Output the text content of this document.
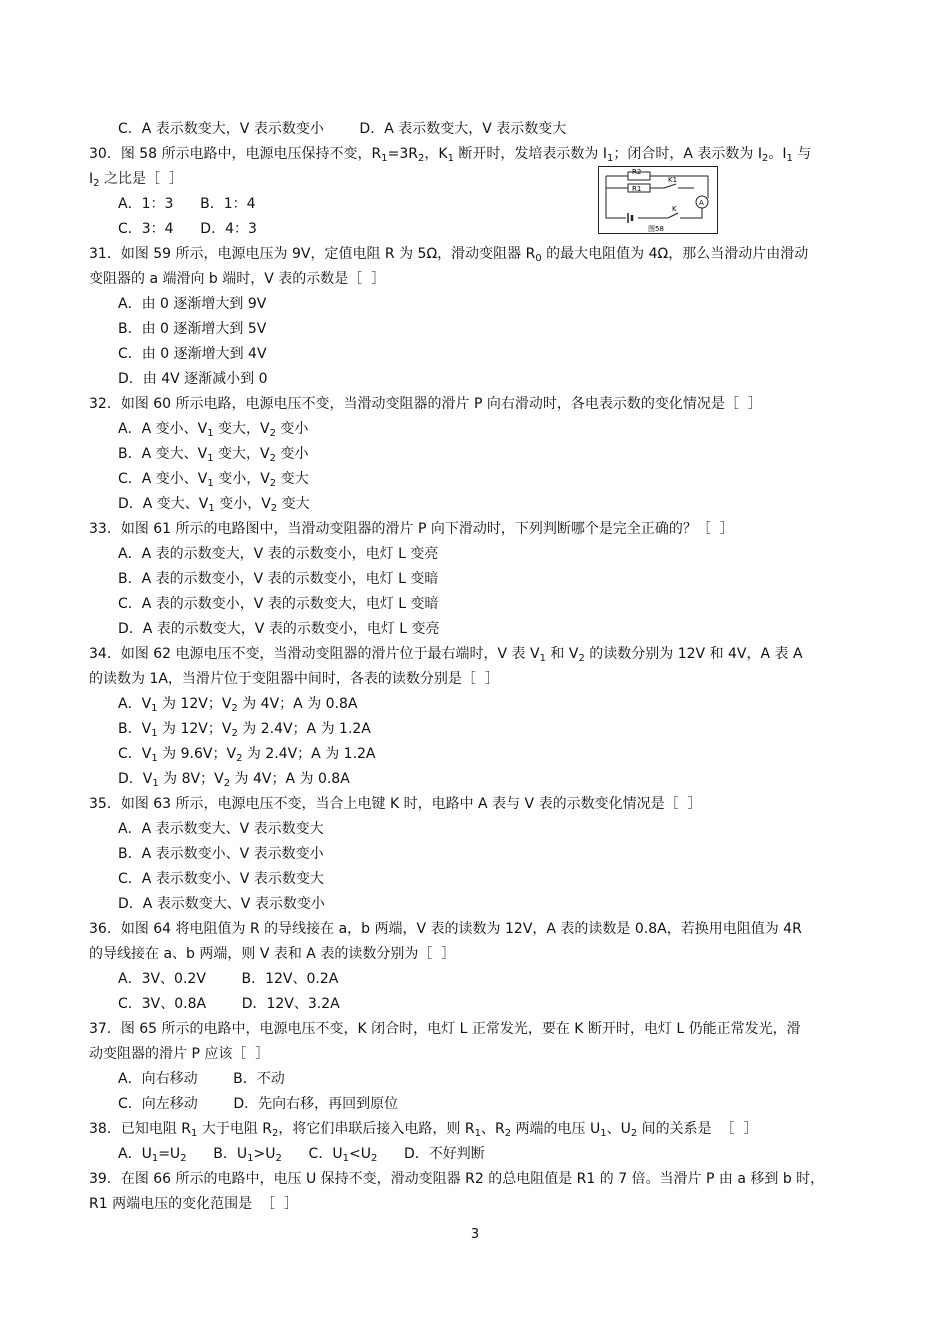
C．A 表示数变大，V 表示数变小        D．A 表示数变大，V 表示数变大
30．图 58 所示电路中，电源电压保持不变，$R_1=3R_2$，$K_1$ 断开时，发培表示数为 $I_1$；闭合时，A 表示数为 $I_2$。$I_1$ 与
$I_2$ 之比是［  ］
A．1：3      B．1：4
C．3：4      D．4：3
31．如图 59 所示，电源电压为 9V，定值电阻 R 为 5Ω，滑动变阻器 $R_0$ 的最大电阻值为 4Ω，那么当滑动片由滑动
变阻器的 a 端滑向 b 端时，V 表的示数是［  ］
A．由 0 逐渐增大到 9V
B．由 0 逐渐增大到 5V
C．由 0 逐渐增大到 4V
D．由 4V 逐渐减小到 0
32．如图 60 所示电路，电源电压不变，当滑动变阻器的滑片 P 向右滑动时，各电表示数的变化情况是［  ］
A．A 变小、$V_1$ 变大，$V_2$ 变小
B．A 变大、$V_1$ 变大，$V_2$ 变小
C．A 变小、$V_1$ 变小，$V_2$ 变大
D．A 变大、$V_1$ 变小，$V_2$ 变大
33．如图 61 所示的电路图中，当滑动变阻器的滑片 P 向下滑动时，下列判断哪个是完全正确的？［  ］
A．A 表的示数变大，V 表的示数变小，电灯 L 变亮
B．A 表的示数变小，V 表的示数变小，电灯 L 变暗
C．A 表的示数变小，V 表的示数变大，电灯 L 变暗
D．A 表的示数变大，V 表的示数变小，电灯 L 变亮
34．如图 62 电源电压不变，当滑动变阻器的滑片位于最右端时，V 表 $V_1$ 和 $V_2$ 的读数分别为 12V 和 4V，A 表 A
的读数为 1A，当滑片位于变阻器中间时，各表的读数分别是［  ］
A．$V_1$ 为 12V；$V_2$ 为 4V；A 为 0.8A
B．$V_1$ 为 12V；$V_2$ 为 2.4V；A 为 1.2A
C．$V_1$ 为 9.6V；$V_2$ 为 2.4V；A 为 1.2A
D．$V_1$ 为 8V；$V_2$ 为 4V；A 为 0.8A
35．如图 63 所示，电源电压不变，当合上电键 K 时，电路中 A 表与 V 表的示数变化情况是［  ］
A．A 表示数变大、V 表示数变大
B．A 表示数变小、V 表示数变小
C．A 表示数变小、V 表示数变大
D．A 表示数变大、V 表示数变小
36．如图 64 将电阻值为 R 的导线接在 a，b 两端，V 表的读数为 12V，A 表的读数是 0.8A，若换用电阻值为 4R
的导线接在 a、b 两端，则 V 表和 A 表的读数分别为［  ］
A．3V、0.2V        B．12V、0.2A
C．3V、0.8A        D．12V、3.2A
37．图 65 所示的电路中，电源电压不变，K 闭合时，电灯 L 正常发光，要在 K 断开时，电灯 L 仍能正常发光，滑
动变阻器的滑片 P 应该［  ］
A．向右移动        B．不动
C．向左移动        D．先向右移，再回到原位
38．已知电阻 $R_1$ 大于电阻 $R_2$，将它们串联后接入电路，则 $R_1$、$R_2$ 两端的电压 $U_1$、$U_2$ 间的关系是  ［  ］
A．$U_1=U_2$      B．$U_1>U_2$      C．$U_1<U_2$      D．不好判断
39．在图 66 所示的电路中，电压 U 保持不变，滑动变阻器 R2 的总电阻值是 R1 的 7 倍。当滑片 P 由 a 移到 b 时，
R1 两端电压的变化范围是  ［  ］
R2
R1
K1
A
K
图58
3
